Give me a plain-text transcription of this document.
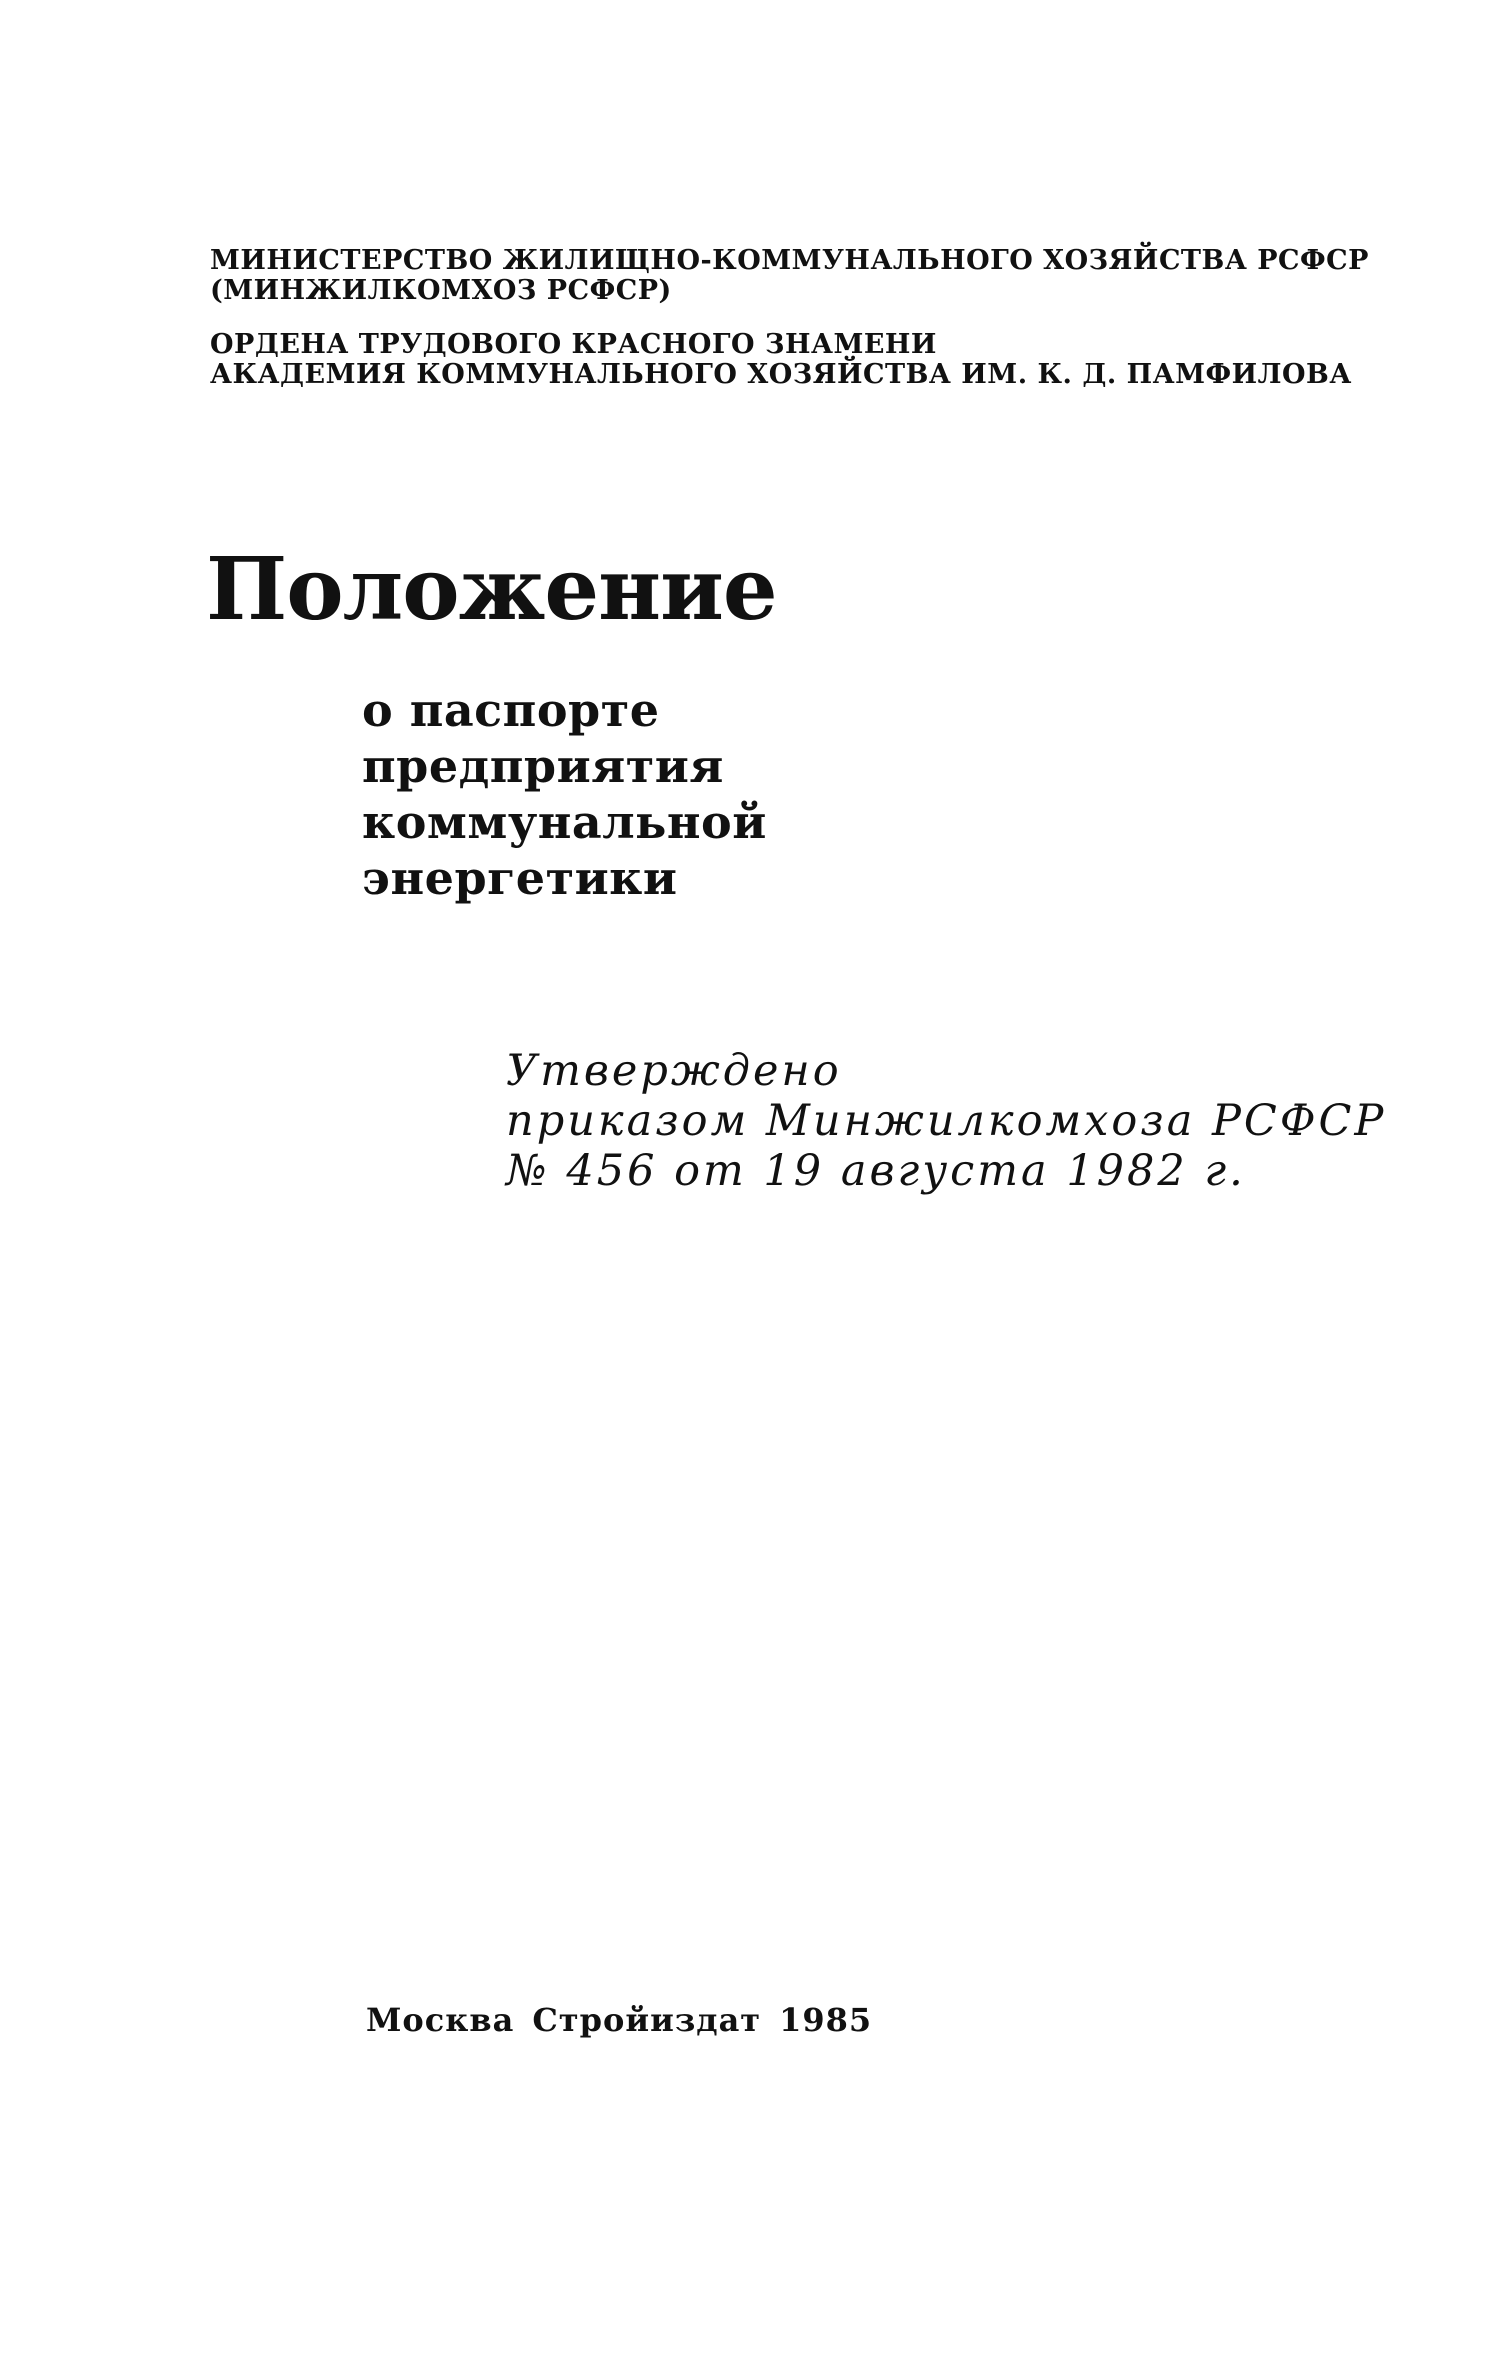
МИНИСТЕРСТВО ЖИЛИЩНО-КОММУНАЛЬНОГО ХОЗЯЙСТВА РСФСР
(МИНЖИЛКОМХОЗ РСФСР)
ОРДЕНА ТРУДОВОГО КРАСНОГО ЗНАМЕНИ
АКАДЕМИЯ КОММУНАЛЬНОГО ХОЗЯЙСТВА ИМ. К. Д. ПАМФИЛОВА
Положение
о паспорте
предприятия
коммунальной
энергетики
Утверждено
приказом Минжилкомхоза РСФСР
№ 456 от 19 августа 1982 г.
Москва Стройиздат 1985
